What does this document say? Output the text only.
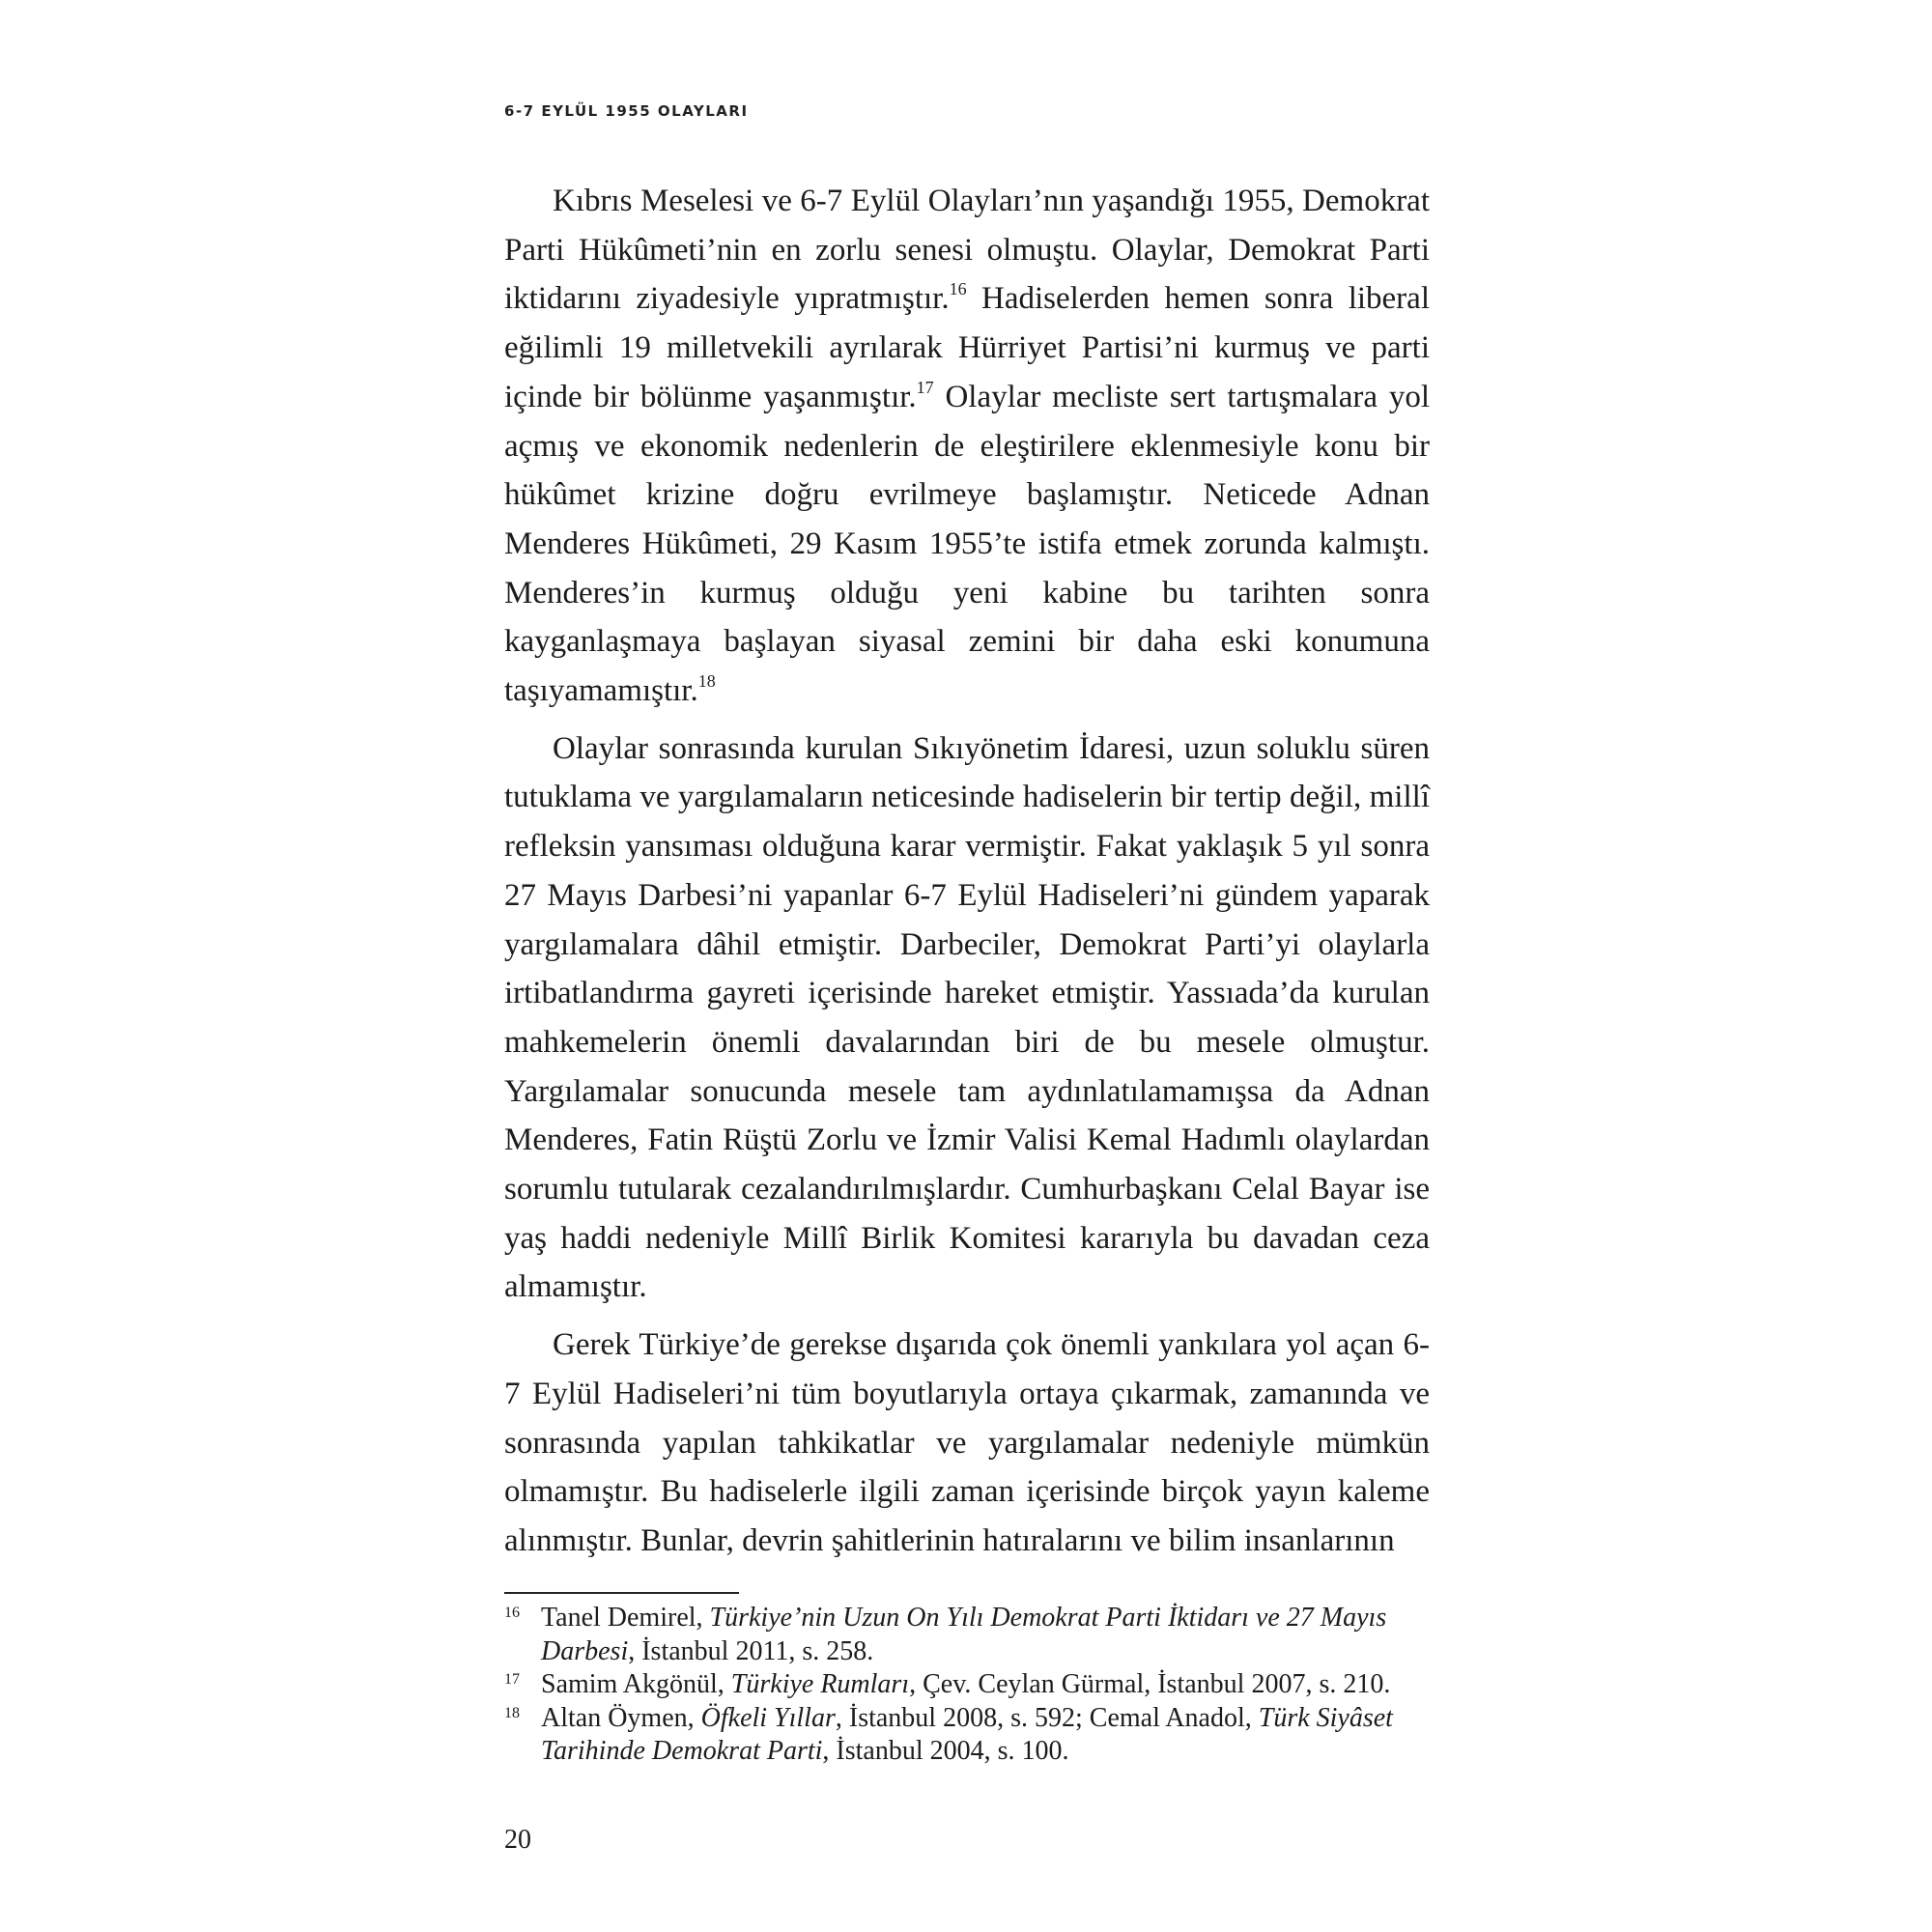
6-7 EYLÜL 1955 OLAYLARI

Kıbrıs Meselesi ve 6-7 Eylül Olayları’nın yaşandığı 1955, Demokrat Parti Hükûmeti’nin en zorlu senesi olmuştu. Olaylar, Demokrat Parti iktidarını ziyadesiyle yıpratmıştır.$^{16}$ Hadiselerden hemen sonra liberal eğilimli 19 milletvekili ayrılarak Hürriyet Partisi’ni kurmuş ve parti içinde bir bölünme yaşanmıştır.$^{17}$ Olaylar mecliste sert tartışmalara yol açmış ve ekonomik nedenlerin de eleştirilere eklenmesiyle konu bir hükûmet krizine doğru evrilmeye başlamıştır. Neticede Adnan Menderes Hükûmeti, 29 Kasım 1955’te istifa etmek zorunda kalmıştı. Menderes’in kurmuş olduğu yeni kabine bu tarihten sonra kayganlaşmaya başlayan siyasal zemini bir daha eski konumuna taşıyamamıştır.$^{18}$

Olaylar sonrasında kurulan Sıkıyönetim İdaresi, uzun soluklu süren tutuklama ve yargılamaların neticesinde hadiselerin bir tertip değil, millî refleksin yansıması olduğuna karar vermiştir. Fakat yaklaşık 5 yıl sonra 27 Mayıs Darbesi’ni yapanlar 6-7 Eylül Hadiseleri’ni gündem yaparak yargılamalara dâhil etmiştir. Darbeciler, Demokrat Parti’yi olaylarla irtibatlandırma gayreti içerisinde hareket etmiştir. Yassıada’da kurulan mahkemelerin önemli davalarından biri de bu mesele olmuştur. Yargılamalar sonucunda mesele tam aydınlatılamamışsa da Adnan Menderes, Fatin Rüştü Zorlu ve İzmir Valisi Kemal Hadımlı olaylardan sorumlu tutularak cezalandırılmışlardır. Cumhurbaşkanı Celal Bayar ise yaş haddi nedeniyle Millî Birlik Komitesi kararıyla bu davadan ceza almamıştır.

Gerek Türkiye’de gerekse dışarıda çok önemli yankılara yol açan 6-7 Eylül Hadiseleri’ni tüm boyutlarıyla ortaya çıkarmak, zamanında ve sonrasında yapılan tahkikatlar ve yargılamalar nedeniyle mümkün olmamıştır. Bu hadiselerle ilgili zaman içerisinde birçok yayın kaleme alınmıştır. Bunlar, devrin şahitlerinin hatıralarını ve bilim insanlarının

16 Tanel Demirel, Türkiye’nin Uzun On Yılı Demokrat Parti İktidarı ve 27 Mayıs Darbesi, İstanbul 2011, s. 258.

17 Samim Akgönül, Türkiye Rumları, Çev. Ceylan Gürmal, İstanbul 2007, s. 210.

18 Altan Öymen, Öfkeli Yıllar, İstanbul 2008, s. 592; Cemal Anadol, Türk Siyâset Tarihinde Demokrat Parti, İstanbul 2004, s. 100.

20
